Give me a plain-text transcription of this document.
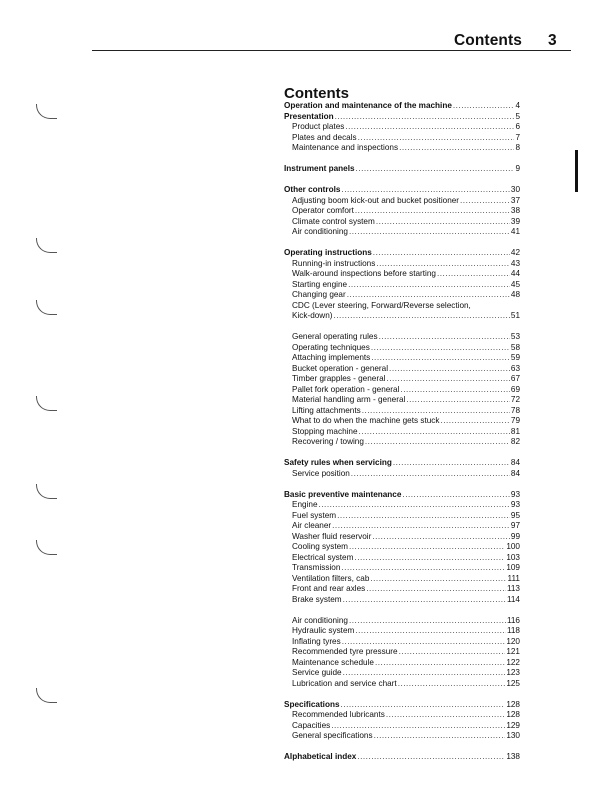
Contents 3
Contents
Operation and maintenance of the machine .....	4
Presentation .....	5
Product plates .....	6
Plates and decals .....	7
Maintenance and inspections .....	8
Instrument panels .....	9
Other controls .....	30
Adjusting boom kick-out and bucket positioner .....	37
Operator comfort .....	38
Climate control system .....	39
Air conditioning .....	41
Operating instructions .....	42
Running-in instructions .....	43
Walk-around inspections before starting .....	44
Starting engine .....	45
Changing gear .....	48
CDC (Lever steering, Forward/Reverse selection,
Kick-down) .....	51
General operating rules .....	53
Operating techniques .....	58
Attaching implements .....	59
Bucket operation - general .....	63
Timber grapples - general .....	67
Pallet fork operation - general .....	69
Material handling arm - general .....	72
Lifting attachments .....	78
What to do when the machine gets stuck .....	79
Stopping machine .....	81
Recovering / towing .....	82
Safety rules when servicing .....	84
Service position .....	84
Basic preventive maintenance .....	93
Engine .....	93
Fuel system .....	95
Air cleaner .....	97
Washer fluid reservoir .....	99
Cooling system .....	100
Electrical system .....	103
Transmission .....	109
Ventilation filters, cab .....	111
Front and rear axles .....	113
Brake system .....	114
Air conditioning .....	116
Hydraulic system .....	118
Inflating tyres .....	120
Recommended tyre pressure .....	121
Maintenance schedule .....	122
Service guide .....	123
Lubrication and service chart .....	125
Specifications .....	128
Recommended lubricants .....	128
Capacities .....	129
General specifications .....	130
Alphabetical index .....	138
